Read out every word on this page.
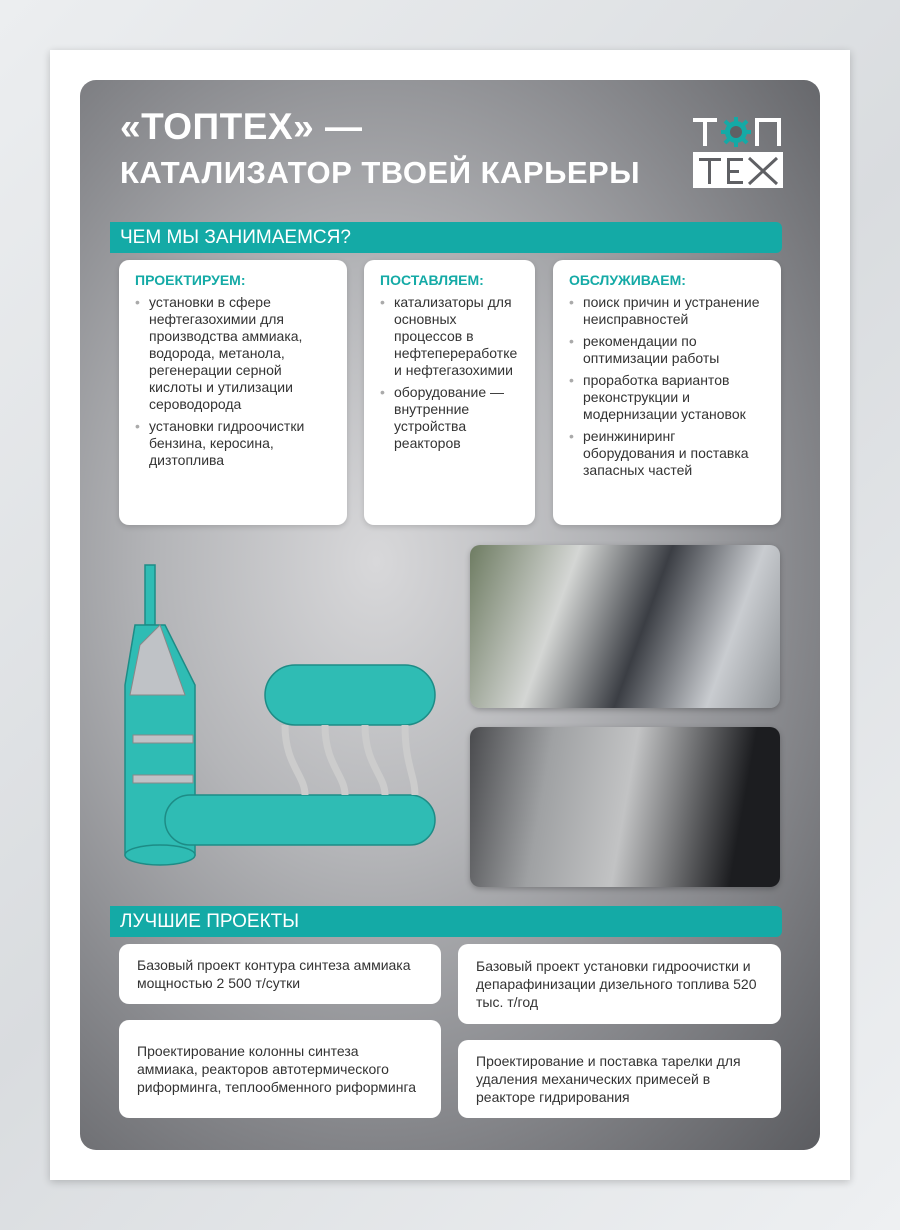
«ТОПТЕХ» —
КАТАЛИЗАТОР ТВОЕЙ КАРЬЕРЫ
ЧЕМ МЫ ЗАНИМАЕМСЯ?
ПРОЕКТИРУЕМ:
• установки в сфере нефтегазохимии для производства аммиака, водорода, метанола, регенерации серной кислоты и утилизации сероводорода
• установки гидроочистки бензина, керосина, дизтоплива
ПОСТАВЛЯЕМ:
• катализаторы для основных процессов в нефтепереработке и нефтегазохимии
• оборудование — внутренние устройства реакторов
ОБСЛУЖИВАЕМ:
• поиск причин и устранение неисправностей
• рекомендации по оптимизации работы
• проработка вариантов реконструкции и модернизации установок
• реинжиниринг оборудования и поставка запасных частей
ЛУЧШИЕ ПРОЕКТЫ
Базовый проект контура синтеза аммиака мощностью 2 500 т/сутки
Базовый проект установки гидроочистки и депарафинизации дизельного топлива 520 тыс. т/год
Проектирование колонны синтеза аммиака, реакторов автотермического риформинга, теплообменного риформинга
Проектирование и поставка тарелки для удаления механических примесей в реакторе гидрирования
